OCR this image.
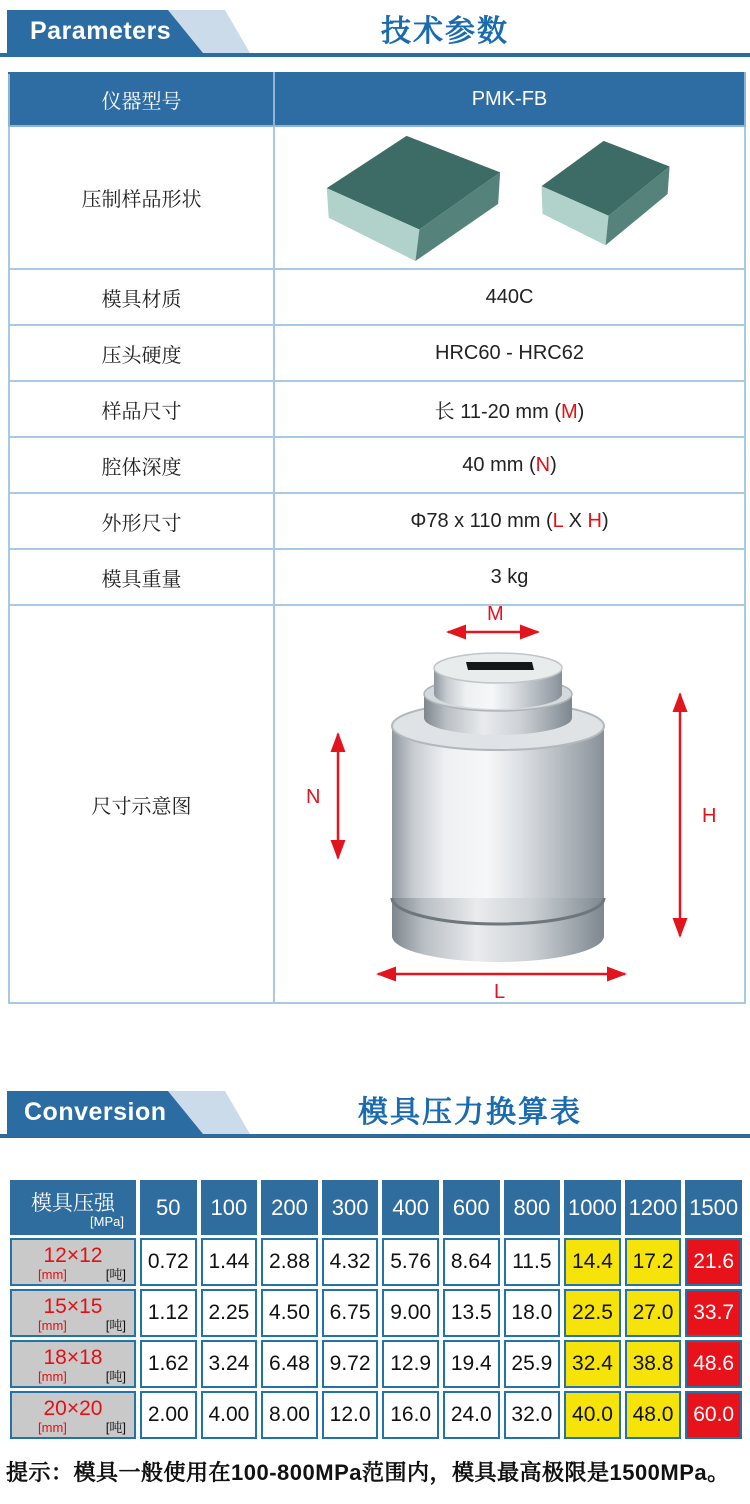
Parameters	技术参数
仪器型号	PMK-FB
压制样品形状	

模具材质	440C
压头硬度	HRC60 - HRC62
样品尺寸	长 11-20 mm (M)
腔体深度	40 mm (N)
外形尺寸	Φ78 x 110 mm (L X H)
模具重量	3 kg
尺寸示意图	M
N
H
L
Conversion	模具压力换算表
模具压强
[MPa]	50	100	200	300	400	600	800	1000	1200	1500

12×12
[mm] [吨]	0.72	1.44	2.88	4.32	5.76	8.64	11.5	14.4	17.2	21.6

15×15
[mm] [吨]	1.12	2.25	4.50	6.75	9.00	13.5	18.0	22.5	27.0	33.7

18×18
[mm] [吨]	1.62	3.24	6.48	9.72	12.9	19.4	25.9	32.4	38.8	48.6

20×20
[mm] [吨]	2.00	4.00	8.00	12.0	16.0	24.0	32.0	40.0	48.0	60.0
提示：模具一般使用在100-800MPa范围内，模具最高极限是1500MPa。
